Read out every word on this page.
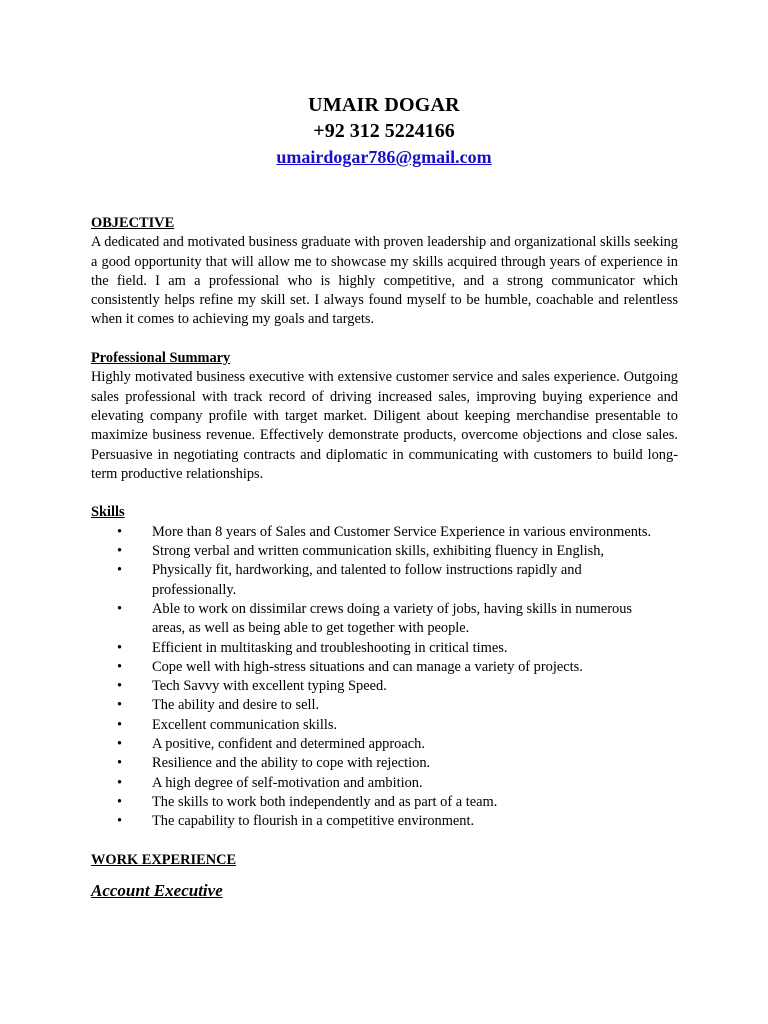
UMAIR DOGAR
+92 312 5224166
umairdogar786@gmail.com
OBJECTIVE

A dedicated and motivated business graduate with proven leadership and organizational skills seeking a good opportunity that will allow me to showcase my skills acquired through years of experience in the field. I am a professional who is highly competitive, and a strong communicator which consistently helps refine my skill set. I always found myself to be humble, coachable and relentless when it comes to achieving my goals and targets.

Professional Summary

Highly motivated business executive with extensive customer service and sales experience. Outgoing sales professional with track record of driving increased sales, improving buying experience and elevating company profile with target market. Diligent about keeping merchandise presentable to maximize business revenue. Effectively demonstrate products, overcome objections and close sales. Persuasive in negotiating contracts and diplomatic in communicating with customers to build long-term productive relationships.

Skills
• More than 8 years of Sales and Customer Service Experience in various environments.
• Strong verbal and written communication skills, exhibiting fluency in English,
• Physically fit, hardworking, and talented to follow instructions rapidly and professionally.
• Able to work on dissimilar crews doing a variety of jobs, having skills in numerous areas, as well as being able to get together with people.
• Efficient in multitasking and troubleshooting in critical times.
• Cope well with high-stress situations and can manage a variety of projects.
• Tech Savvy with excellent typing Speed.
• The ability and desire to sell.
• Excellent communication skills.
• A positive, confident and determined approach.
• Resilience and the ability to cope with rejection.
• A high degree of self-motivation and ambition.
• The skills to work both independently and as part of a team.
• The capability to flourish in a competitive environment.
WORK EXPERIENCE
Account Executive
